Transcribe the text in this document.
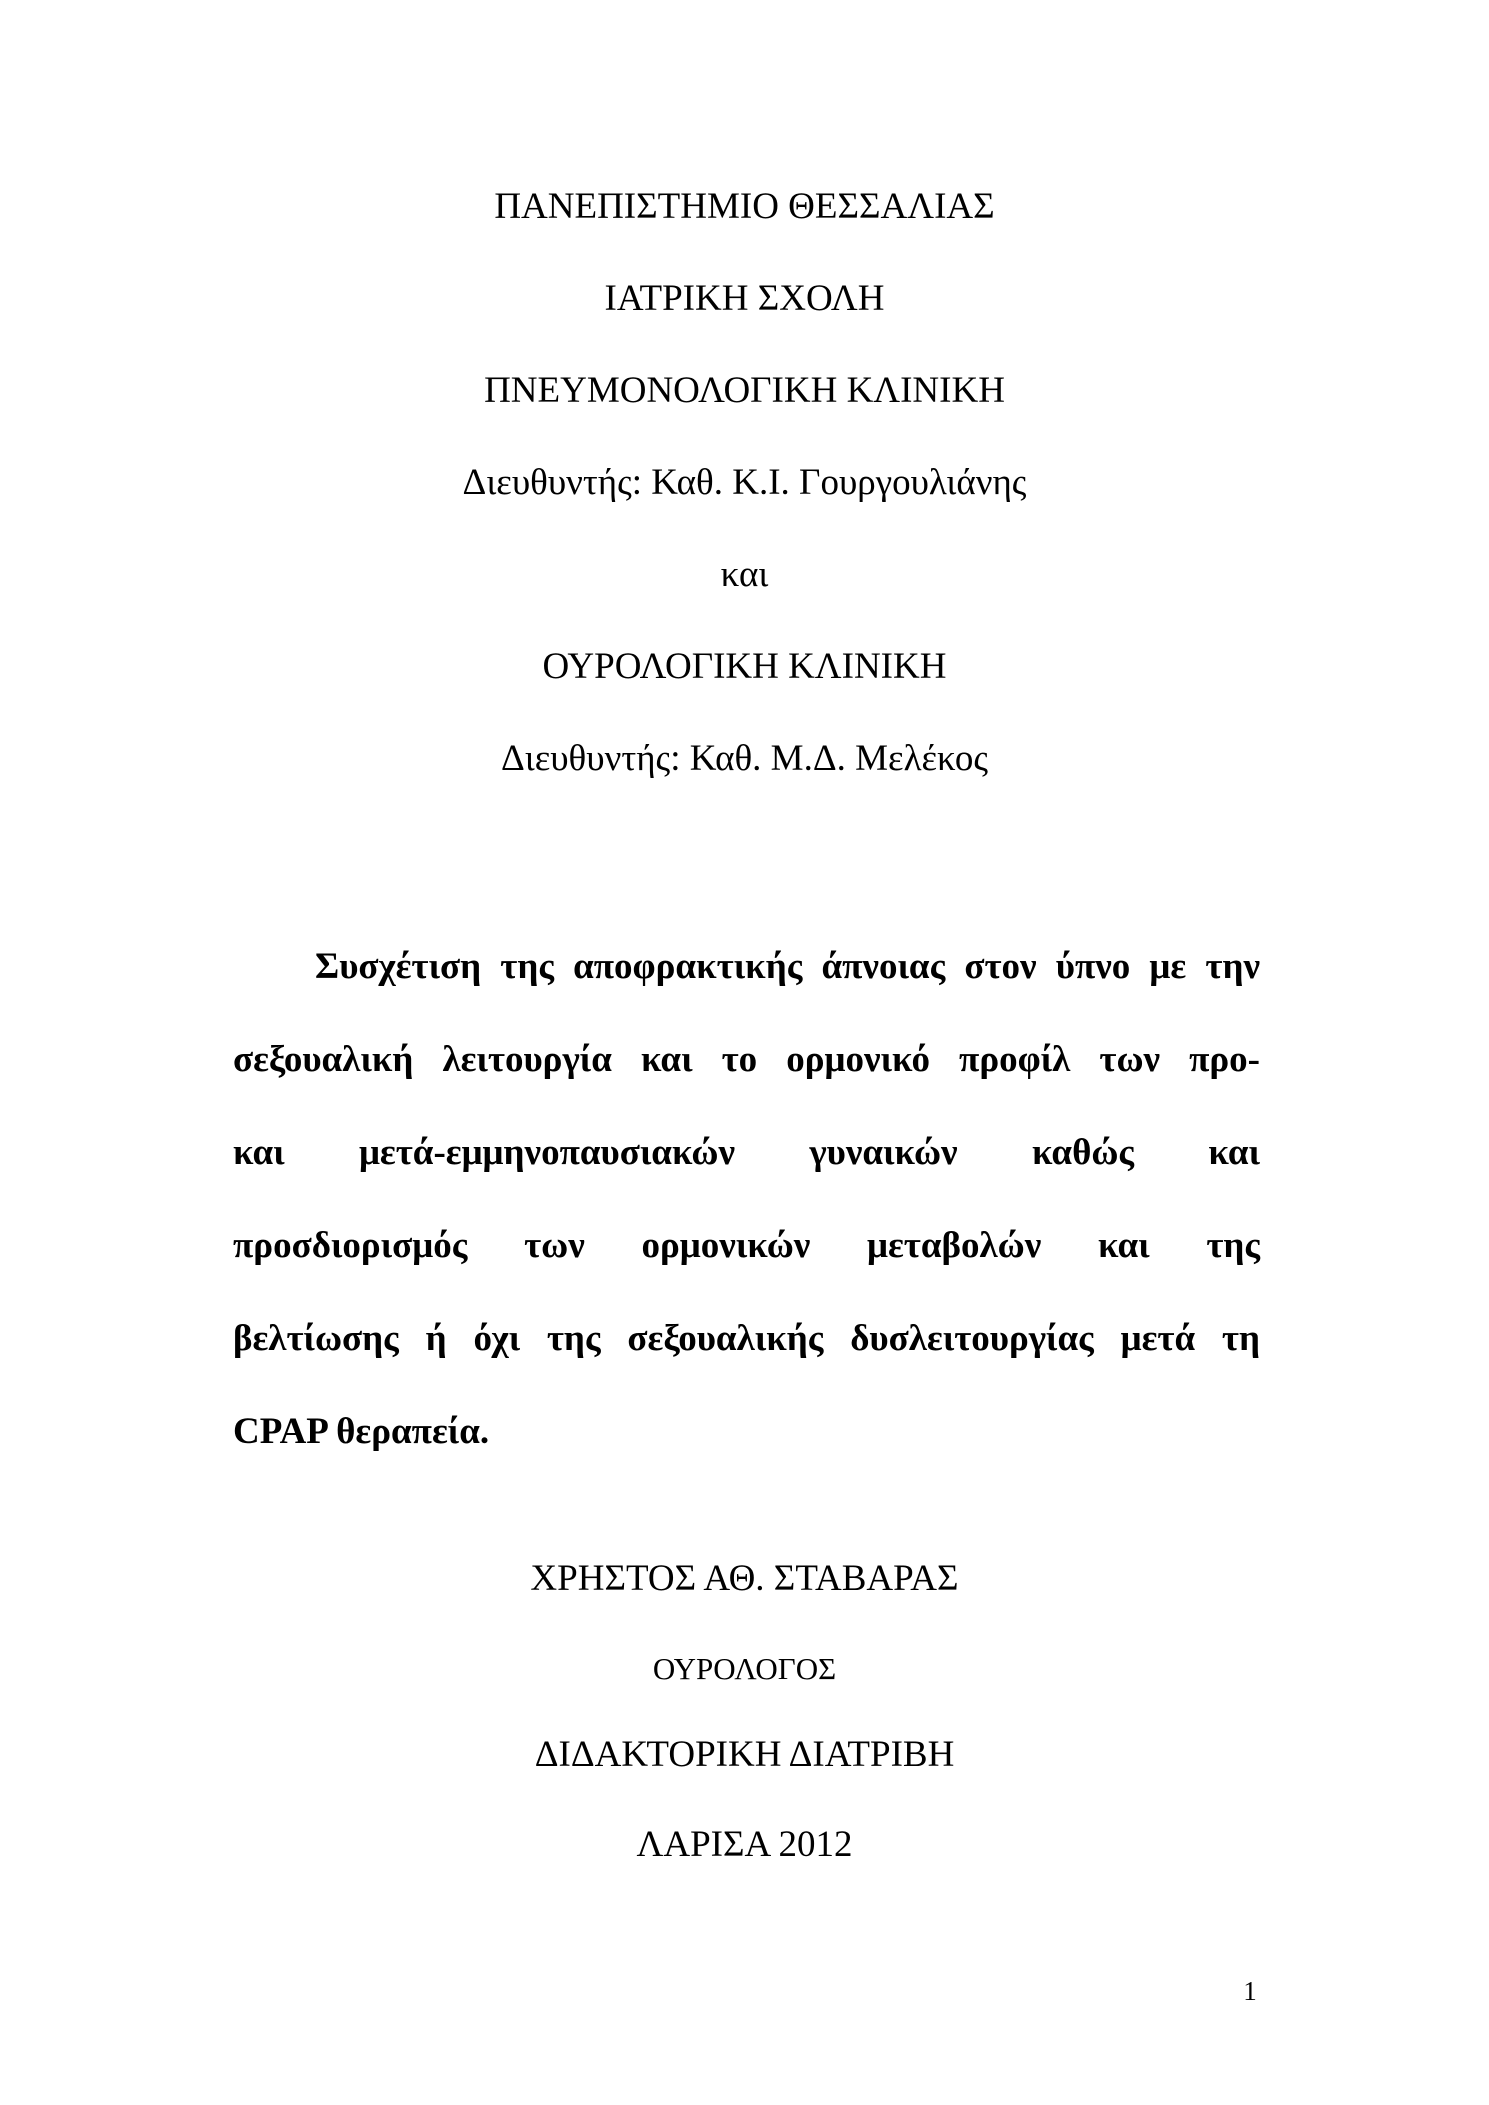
ΠΑΝΕΠΙΣΤΗΜΙΟ ΘΕΣΣΑΛΙΑΣ
ΙΑΤΡΙΚΗ ΣΧΟΛΗ
ΠΝΕΥΜΟΝΟΛΟΓΙΚΗ ΚΛΙΝΙΚΗ
Διευθυντής: Καθ. Κ.Ι. Γουργουλιάνης
και
ΟΥΡΟΛΟΓΙΚΗ ΚΛΙΝΙΚΗ
Διευθυντής: Καθ. Μ.Δ. Μελέκος
Συσχέτιση της αποφρακτικής άπνοιας στον ύπνο με την
σεξουαλική λειτουργία και το ορμονικό προφίλ των προ-
και μετά-εμμηνοπαυσιακών γυναικών καθώς και
προσδιορισμός των ορμονικών μεταβολών και της
βελτίωσης ή όχι της σεξουαλικής δυσλειτουργίας μετά τη
CPAP θεραπεία.
ΧΡΗΣΤΟΣ ΑΘ. ΣΤΑΒΑΡΑΣ
ΟΥΡΟΛΟΓΟΣ
ΔΙΔΑΚΤΟΡΙΚΗ ΔΙΑΤΡΙΒΗ
ΛΑΡΙΣΑ 2012
1
